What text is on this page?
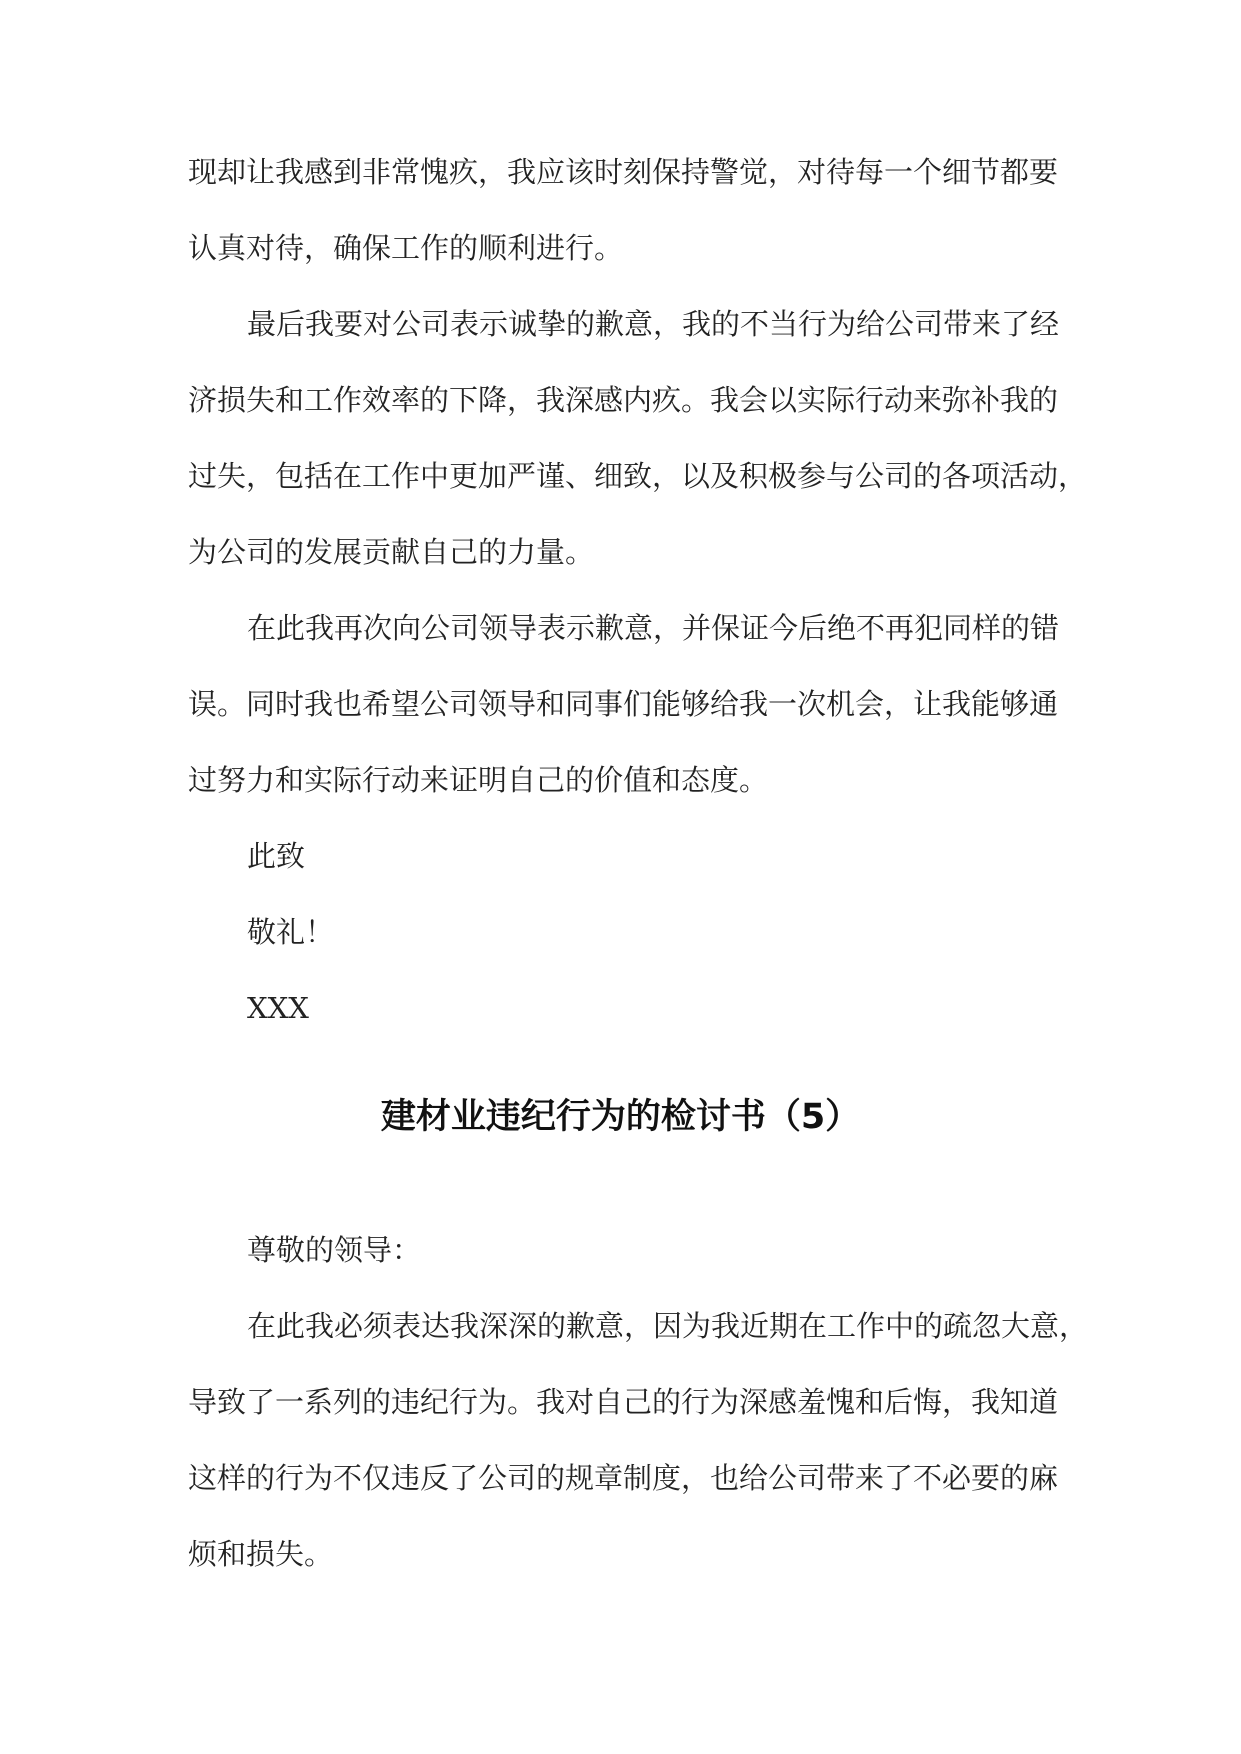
现却让我感到非常愧疚，我应该时刻保持警觉，对待每一个细节都要
认真对待，确保工作的顺利进行。
最后我要对公司表示诚挚的歉意，我的不当行为给公司带来了经
济损失和工作效率的下降，我深感内疚。我会以实际行动来弥补我的
过失，包括在工作中更加严谨、细致，以及积极参与公司的各项活动，
为公司的发展贡献自己的力量。
在此我再次向公司领导表示歉意，并保证今后绝不再犯同样的错
误。同时我也希望公司领导和同事们能够给我一次机会，让我能够通
过努力和实际行动来证明自己的价值和态度。
此致
敬礼！
XXX
建材业违纪行为的检讨书（5）
尊敬的领导：
在此我必须表达我深深的歉意，因为我近期在工作中的疏忽大意，
导致了一系列的违纪行为。我对自己的行为深感羞愧和后悔，我知道
这样的行为不仅违反了公司的规章制度，也给公司带来了不必要的麻
烦和损失。
